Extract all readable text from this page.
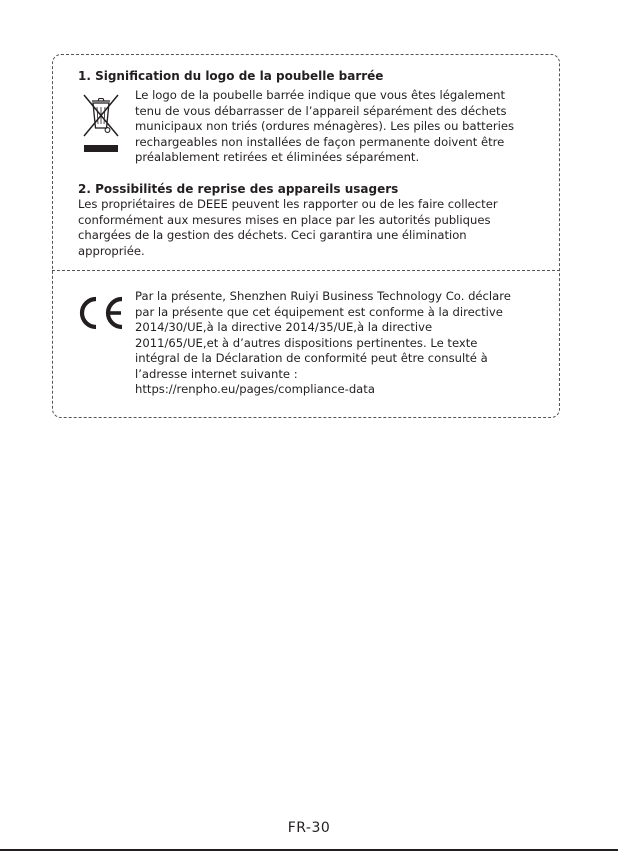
1. Signification du logo de la poubelle barrée
Le logo de la poubelle barrée indique que vous êtes légalement
tenu de vous débarrasser de l’appareil séparément des déchets
municipaux non triés (ordures ménagères). Les piles ou batteries
rechargeables non installées de façon permanente doivent être
préalablement retirées et éliminées séparément.
2. Possibilités de reprise des appareils usagers
Les propriétaires de DEEE peuvent les rapporter ou de les faire collecter
conformément aux mesures mises en place par les autorités publiques
chargées de la gestion des déchets. Ceci garantira une élimination
appropriée.
Par la présente, Shenzhen Ruiyi Business Technology Co. déclare
par la présente que cet équipement est conforme à la directive
2014/30/UE,à la directive 2014/35/UE,à la directive
2011/65/UE,et à d’autres dispositions pertinentes. Le texte
intégral de la Déclaration de conformité peut être consulté à
l’adresse internet suivante :
https://renpho.eu/pages/compliance-data
FR-30
